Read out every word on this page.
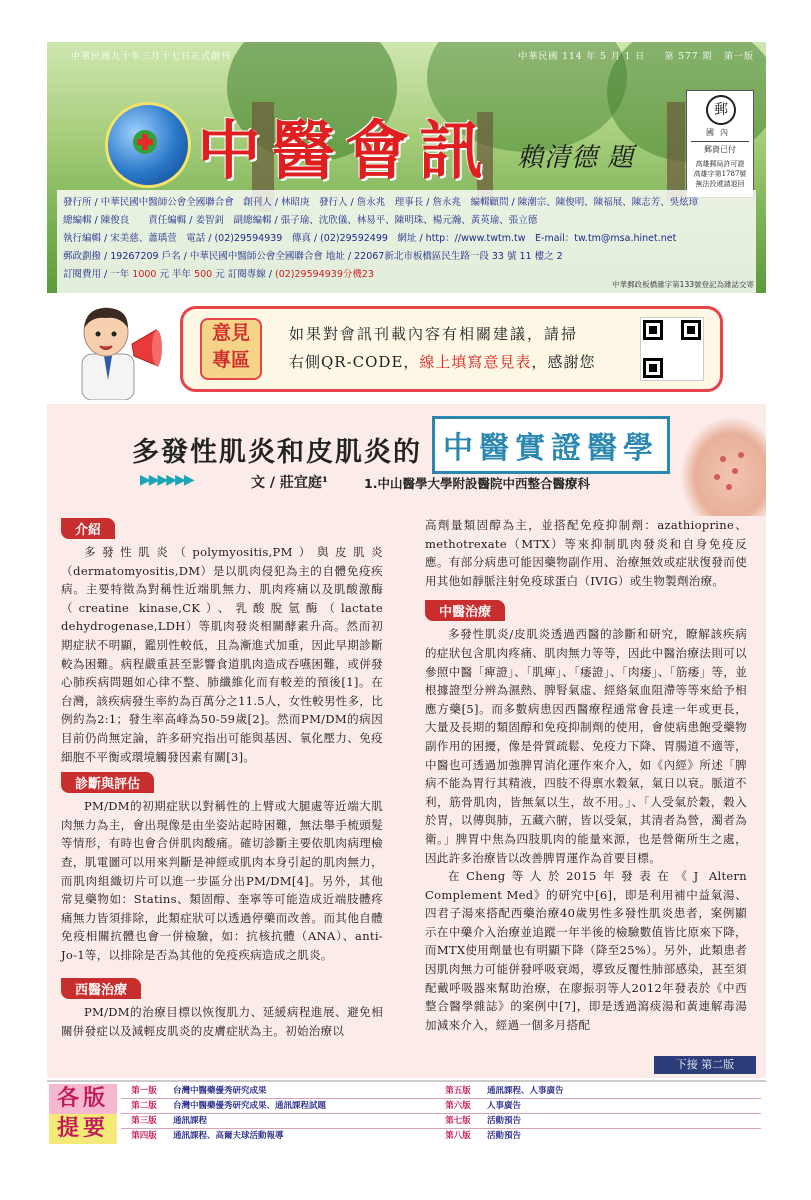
中華民國九十年三月十七日正式創刊	中華民國 114 年 5 月 1 日 第 577 期 第一版
中醫會訊 賴清德 題
郵
國內
郵資已付
高雄郵局許可證
高雄字第1787號
無法投遞請退回
發行所 / 中華民國中醫師公會全國聯合會　創刊人 / 林昭庚　發行人 / 詹永兆　理事長 / 詹永兆　編輯顧問 / 陳潮宗、陳俊明、陳福展、陳志芳、吳炫璋
總編輯 / 陳俊良　　責任編輯 / 姜智釗　副總編輯 / 張子瑜、沈欣儀、林易平、陳明珠、楊元瀚、黃英瑜、張立德
執行編輯 / 宋美慈、蕭瑀萱　電話 / (02)29594939　傳真 / (02)29592499　網址 / http：//www.twtm.tw　E-mail：tw.tm@msa.hinet.net
郵政劃撥 / 19267209 戶名 / 中華民國中醫師公會全國聯合會 地址 / 22067新北市板橋區民生路一段 33 號 11 樓之 2
訂閱費用 / 一年 1000 元 半年 500 元 訂閱專線 / (02)29594939分機23
中華郵政板橋雜字第133號登記為雜誌交寄
意見
專區
如果對會訊刊載內容有相關建議，請掃
右側QR-CODE，線上填寫意見表，感謝您
多發性肌炎和皮肌炎的 中醫實證醫學
▶▶▶▶▶▶	文 / 莊宜庭¹	1.中山醫學大學附設醫院中西整合醫療科
介紹

多發性肌炎（polymyositis,PM）與皮肌炎（dermatomyositis,DM）是以肌肉侵犯為主的自體免疫疾病。主要特徵為對稱性近端肌無力、肌肉疼痛以及肌酸激酶（creatine kinase,CK）、乳酸脫氫酶（lactate dehydrogenase,LDH）等肌肉發炎相關酵素升高。然而初期症狀不明顯，鑑別性較低，且為漸進式加重，因此早期診斷較為困難。病程嚴重甚至影響食道肌肉造成吞嚥困難，或併發心肺疾病問題如心律不整、肺纖維化而有較差的預後[1]。在台灣，該疾病發生率約為百萬分之11.5人，女性較男性多，比例約為2:1；發生率高峰為50-59歲[2]。然而PM/DM的病因目前仍尚無定論，許多研究指出可能與基因、氧化壓力、免疫細胞不平衡或環境觸發因素有關[3]。

診斷與評估

PM/DM的初期症狀以對稱性的上臂或大腿處等近端大肌肉無力為主，會出現像是由坐姿站起時困難，無法舉手梳頭髮等情形，有時也會合併肌肉酸痛。確切診斷主要依肌肉病理檢查，肌電圖可以用來判斷是神經或肌肉本身引起的肌肉無力，而肌肉組織切片可以進一步區分出PM/DM[4]。另外，其他常見藥物如：Statins、類固醇、奎寧等可能造成近端肢體疼痛無力皆須排除，此類症狀可以透過停藥而改善。而其他自體免疫相關抗體也會一併檢驗，如：抗核抗體（ANA）、anti-Jo-1等，以排除是否為其他的免疫疾病造成之肌炎。

西醫治療

PM/DM的治療目標以恢復肌力、延緩病程進展、避免相關併發症以及減輕皮肌炎的皮膚症狀為主。初始治療以

高劑量類固醇為主，並搭配免疫抑制劑：azathioprine、methotrexate（MTX）等來抑制肌肉發炎和自身免疫反應。有部分病患可能因藥物副作用、治療無效或症狀復發而使用其他如靜脈注射免疫球蛋白（IVIG）或生物製劑治療。

中醫治療

多發性肌炎/皮肌炎透過西醫的診斷和研究，瞭解該疾病的症狀包含肌肉疼痛、肌肉無力等等，因此中醫治療法則可以參照中醫「痺證」、「肌痺」、「痿證」、「肉痿」、「筋痿」等，並根據證型分辨為濕熱、脾腎氣虛、經絡氣血阻滯等等來給予相應方藥[5]。而多數病患因西醫療程通常會長達一年或更長，大量及長期的類固醇和免疫抑制劑的使用，會使病患飽受藥物副作用的困擾，像是骨質疏鬆、免疫力下降、胃腸道不適等，中醫也可透過加強脾胃消化運作來介入，如《內經》所述「脾病不能為胃行其精液，四肢不得禀水穀氣，氣日以衰。脈道不利，筋骨肌肉，皆無氣以生，故不用。」、「人受氣於穀，穀入於胃，以傳與肺，五藏六腑，皆以受氣，其清者為營，濁者為衛。」脾胃中焦為四肢肌肉的能量來源，也是營衛所生之處，因此許多治療皆以改善脾胃運作為首要目標。

在Cheng等人於2015年發表在《J Altern Complement Med》的研究中[6]，即是利用補中益氣湯、四君子湯來搭配西藥治療40歲男性多發性肌炎患者，案例顯示在中藥介入治療並追蹤一年半後的檢驗數值皆比原來下降，而MTX使用劑量也有明顯下降（降至25%）。另外，此類患者因肌肉無力可能併發呼吸衰竭，導致反覆性肺部感染，甚至須配戴呼吸器來幫助治療，在廖振羽等人2012年發表於《中西整合醫學雜誌》的案例中[7]，即是透過瀉痰湯和黃連解毒湯加減來介入，經過一個多月搭配

下接 第二版
各版
提要
第一版 台灣中醫藥優秀研究成果
第二版 台灣中醫藥優秀研究成果、通訊課程試題
第三版 通訊課程
第四版 通訊課程、高爾夫球活動報導
第五版 通訊課程、人事廣告
第六版 人事廣告
第七版 活動預告
第八版 活動預告
